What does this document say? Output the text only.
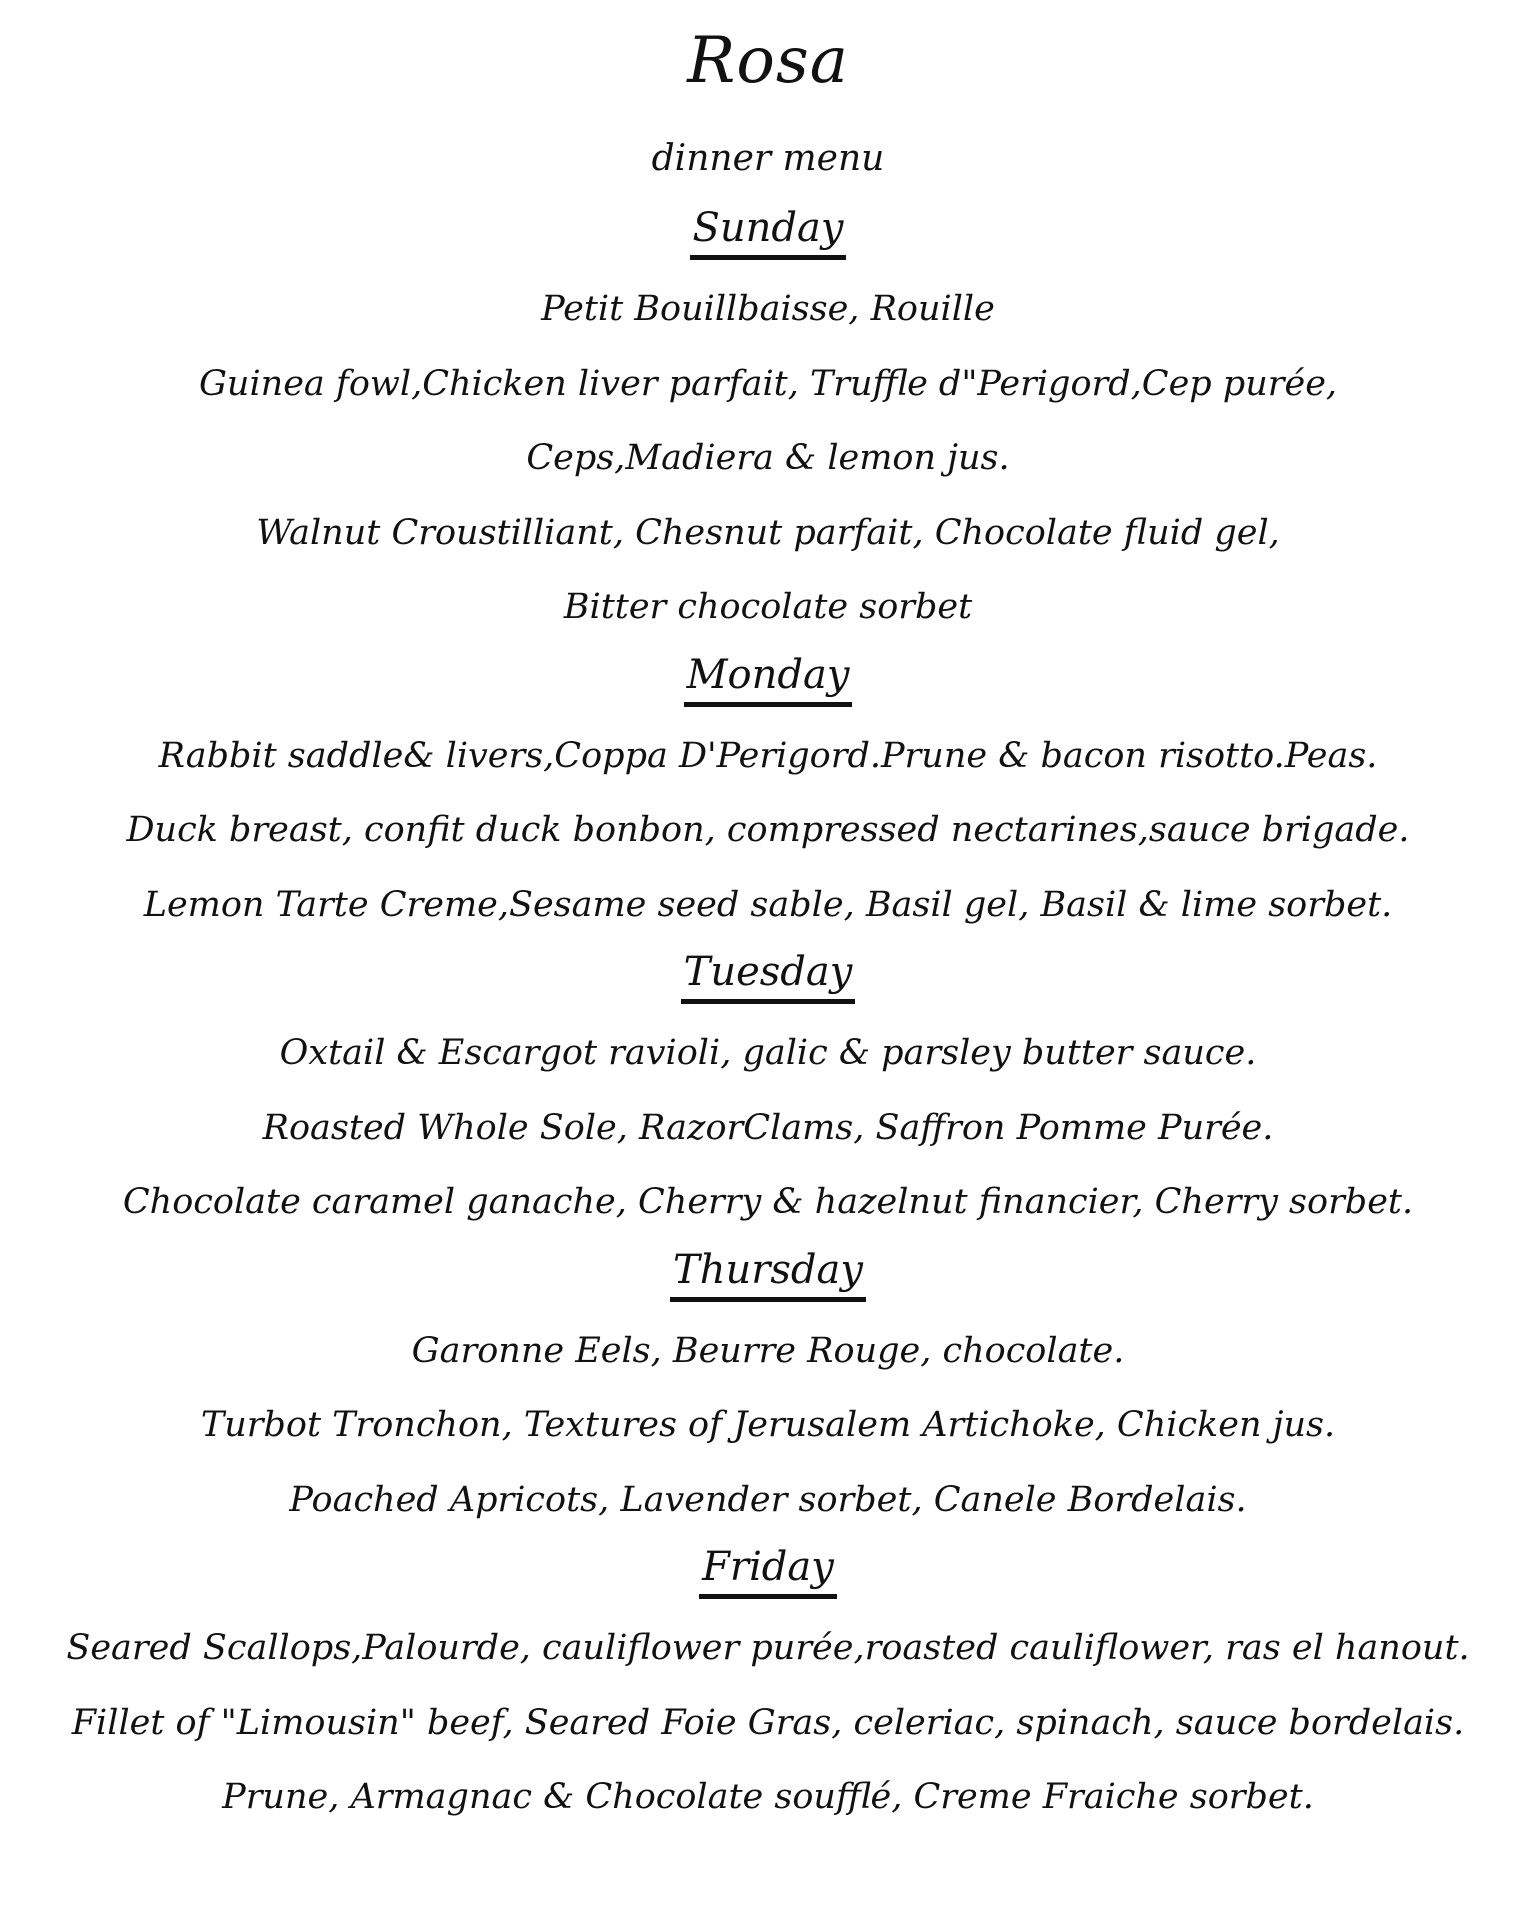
Rosa
dinner menu
Sunday
Petit Bouillbaisse, Rouille
Guinea fowl,Chicken liver parfait, Truffle d"Perigord,Cep purée,
Ceps,Madiera & lemon jus.
Walnut Croustilliant, Chesnut parfait, Chocolate fluid gel,
Bitter chocolate sorbet
Monday
Rabbit saddle& livers,Coppa D'Perigord.Prune & bacon risotto.Peas.
Duck breast, confit duck bonbon, compressed nectarines,sauce brigade.
Lemon Tarte Creme,Sesame seed sable, Basil gel, Basil & lime sorbet.
Tuesday
Oxtail & Escargot ravioli, galic & parsley butter sauce.
Roasted Whole Sole, RazorClams, Saffron Pomme Purée.
Chocolate caramel ganache, Cherry & hazelnut financier, Cherry sorbet.
Thursday
Garonne Eels, Beurre Rouge, chocolate.
Turbot Tronchon, Textures of Jerusalem Artichoke, Chicken jus.
Poached Apricots, Lavender sorbet, Canele Bordelais.
Friday
Seared Scallops,Palourde, cauliflower purée,roasted cauliflower, ras el hanout.
Fillet of "Limousin" beef, Seared Foie Gras, celeriac, spinach, sauce bordelais.
Prune, Armagnac & Chocolate soufflé, Creme Fraiche sorbet.
